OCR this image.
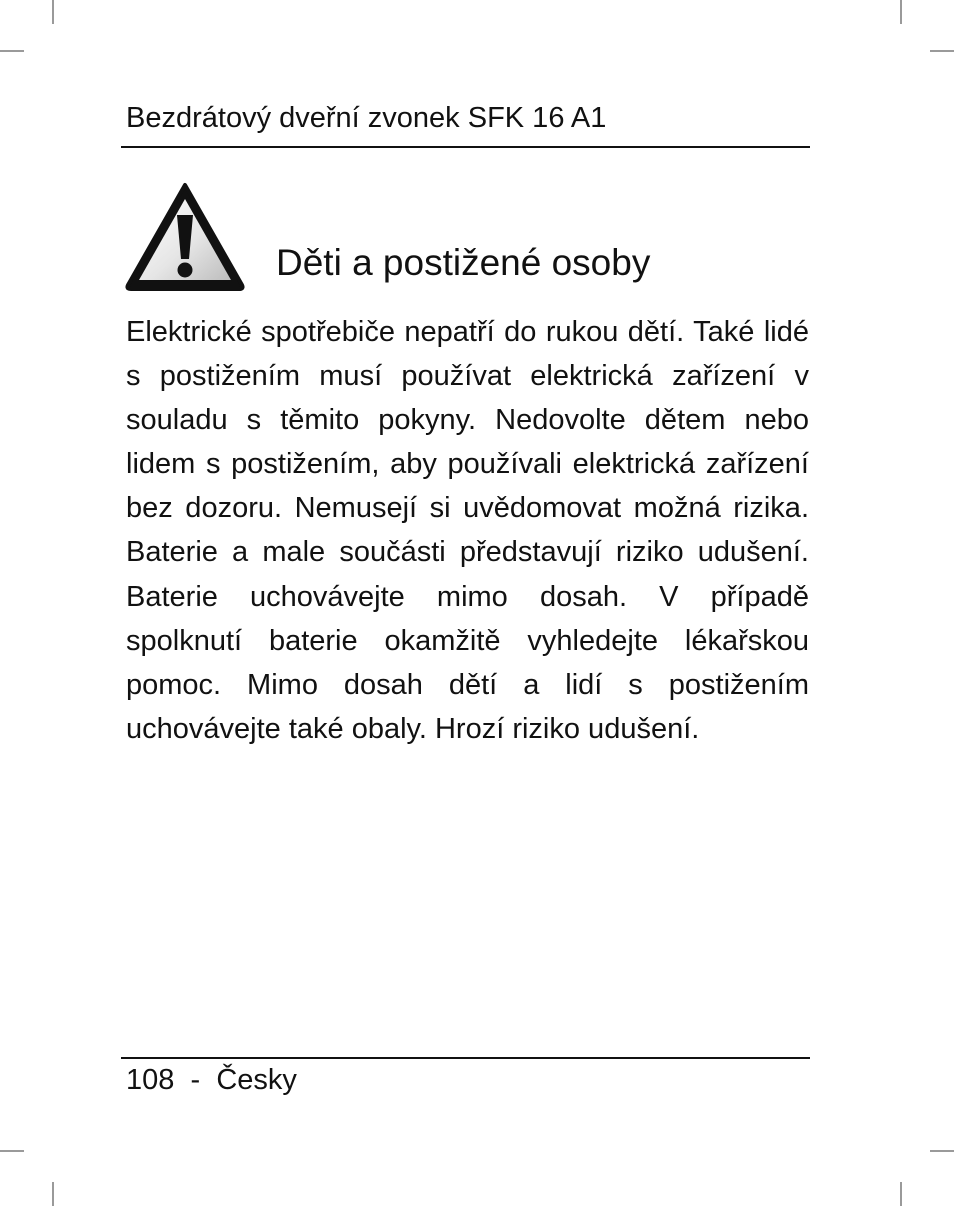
Bezdrátový dveřní zvonek SFK 16 A1
Děti a postižené osoby

Elektrické spotřebiče nepatří do rukou dětí. Také lidé s postižením musí používat elektrická zařízení v souladu s těmito pokyny. Nedovolte dětem nebo lidem s postižením, aby používali elektrická zařízení bez dozoru. Nemusejí si uvědomovat možná rizika. Baterie a male součásti představují riziko udušení. Baterie uchovávejte mimo dosah. V případě spolknutí baterie okamžitě vyhledejte lékařskou pomoc. Mimo dosah dětí a lidí s postižením uchovávejte také obaly. Hrozí riziko udušení.

108 - Česky
